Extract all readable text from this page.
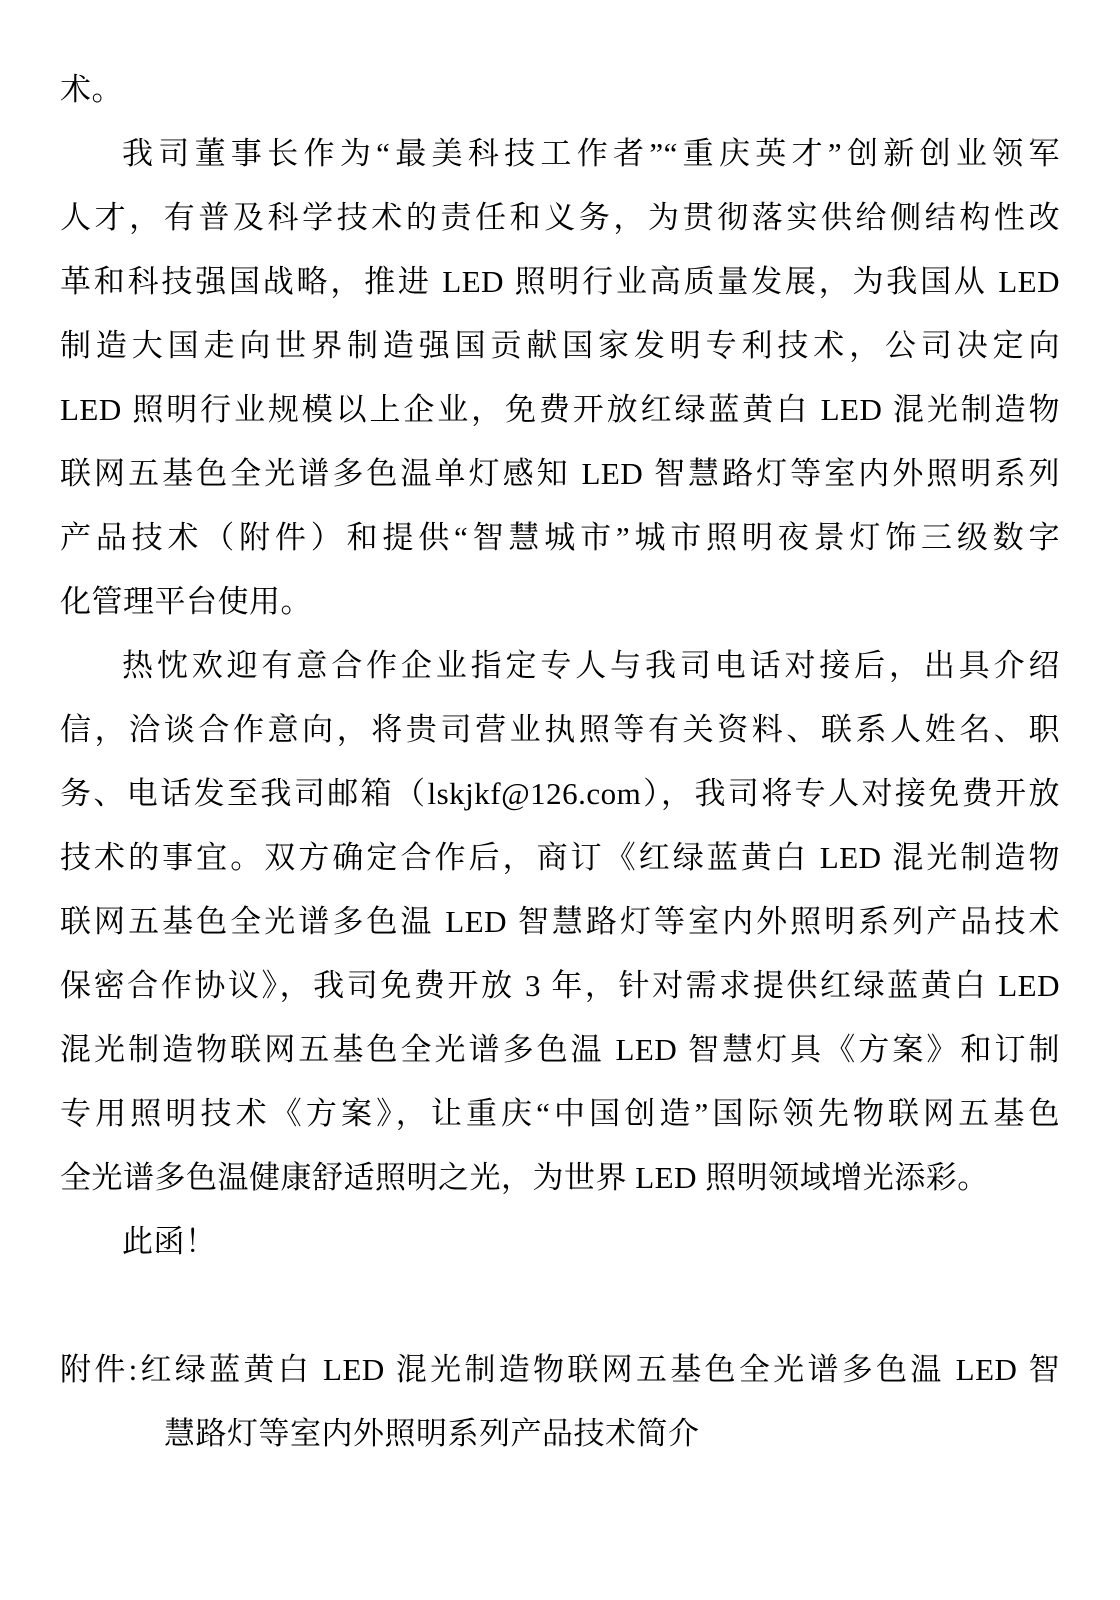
术。
我司董事长作为“最美科技工作者”“重庆英才”创新创业领军
人才，有普及科学技术的责任和义务，为贯彻落实供给侧结构性改
革和科技强国战略，推进 LED 照明行业高质量发展，为我国从 LED
制造大国走向世界制造强国贡献国家发明专利技术，公司决定向
LED 照明行业规模以上企业，免费开放红绿蓝黄白 LED 混光制造物
联网五基色全光谱多色温单灯感知 LED 智慧路灯等室内外照明系列
产品技术（附件）和提供“智慧城市”城市照明夜景灯饰三级数字
化管理平台使用。
热忱欢迎有意合作企业指定专人与我司电话对接后，出具介绍
信，洽谈合作意向，将贵司营业执照等有关资料、联系人姓名、职
务、电话发至我司邮箱（lskjkf@126.com），我司将专人对接免费开放
技术的事宜。双方确定合作后，商订《红绿蓝黄白 LED 混光制造物
联网五基色全光谱多色温 LED 智慧路灯等室内外照明系列产品技术
保密合作协议》，我司免费开放 3 年，针对需求提供红绿蓝黄白 LED
混光制造物联网五基色全光谱多色温 LED 智慧灯具《方案》和订制
专用照明技术《方案》，让重庆“中国创造”国际领先物联网五基色
全光谱多色温健康舒适照明之光，为世界 LED 照明领域增光添彩。
此函！
附件:红绿蓝黄白 LED 混光制造物联网五基色全光谱多色温 LED 智
慧路灯等室内外照明系列产品技术简介
